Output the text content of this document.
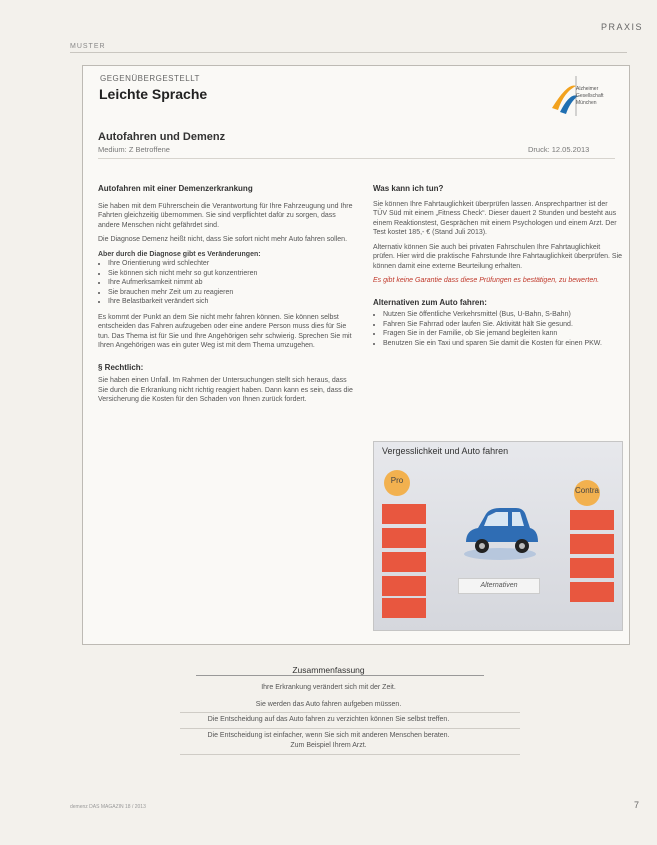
PRAXIS
MUSTER
GEGENÜBERGESTELLT
Leichte Sprache	Alzheimer
Gesellschaft
München
Autofahren und Demenz
Medium: Z Betroffene	Druck: 12.05.2013
Autofahren mit einer Demenzerkrankung

Sie haben mit dem Führerschein die Verantwortung für Ihre Fahrzeugung und Ihre Fahrten gleichzeitig übernommen. Sie sind verpflichtet dafür zu sorgen, dass andere Menschen nicht gefährdet sind.

Die Diagnose Demenz heißt nicht, dass Sie sofort nicht mehr Auto fahren sollen.

Aber durch die Diagnose gibt es Veränderungen:
• Ihre Orientierung wird schlechter
• Sie können sich nicht mehr so gut konzentrieren
• Ihre Aufmerksamkeit nimmt ab
• Sie brauchen mehr Zeit um zu reagieren
• Ihre Belastbarkeit verändert sich

Es kommt der Punkt an dem Sie nicht mehr fahren können. Sie können selbst entscheiden das Fahren aufzugeben oder eine andere Person muss dies für Sie tun. Das Thema ist für Sie und Ihre Angehörigen sehr schwierig. Sprechen Sie mit Ihren Angehörigen was ein guter Weg ist mit dem Thema umzugehen.

§ Rechtlich:

Sie haben einen Unfall. Im Rahmen der Untersuchungen stellt sich heraus, dass Sie durch die Erkrankung nicht richtig reagiert haben. Dann kann es sein, dass die Versicherung die Kosten für den Schaden von Ihnen zurück fordert.

Was kann ich tun?

Sie können Ihre Fahrtauglichkeit überprüfen lassen. Ansprechpartner ist der TÜV Süd mit einem „Fitness Check“. Dieser dauert 2 Stunden und besteht aus einem Reaktionstest, Gesprächen mit einem Psychologen und einem Arzt. Der Test kostet 185,- € (Stand Juli 2013).

Alternativ können Sie auch bei privaten Fahrschulen Ihre Fahrtauglichkeit prüfen. Hier wird die praktische Fahrstunde Ihre Fahrtauglichkeit überprüfen. Sie können damit eine externe Beurteilung erhalten.

Es gibt keine Garantie dass diese Prüfungen es bestätigen, zu bewerten.

Alternativen zum Auto fahren:
• Nutzen Sie öffentliche Verkehrsmittel (Bus, U-Bahn, S-Bahn)
• Fahren Sie Fahrrad oder laufen Sie. Aktivität hält Sie gesund.
• Fragen Sie in der Familie, ob Sie jemand begleiten kann
• Benutzen Sie ein Taxi und sparen Sie damit die Kosten für einen PKW.
Pro
Contra
Alternativen
Vergesslichkeit und Auto fahren
Zusammenfassung
Ihre Erkrankung verändert sich mit der Zeit.
Sie werden das Auto fahren aufgeben müssen.
Die Entscheidung auf das Auto fahren zu verzichten können Sie selbst treffen.
Die Entscheidung ist einfacher, wenn Sie sich mit anderen Menschen beraten.
Zum Beispiel Ihrem Arzt.
demenz DAS MAGAZIN 18 / 2013	7
